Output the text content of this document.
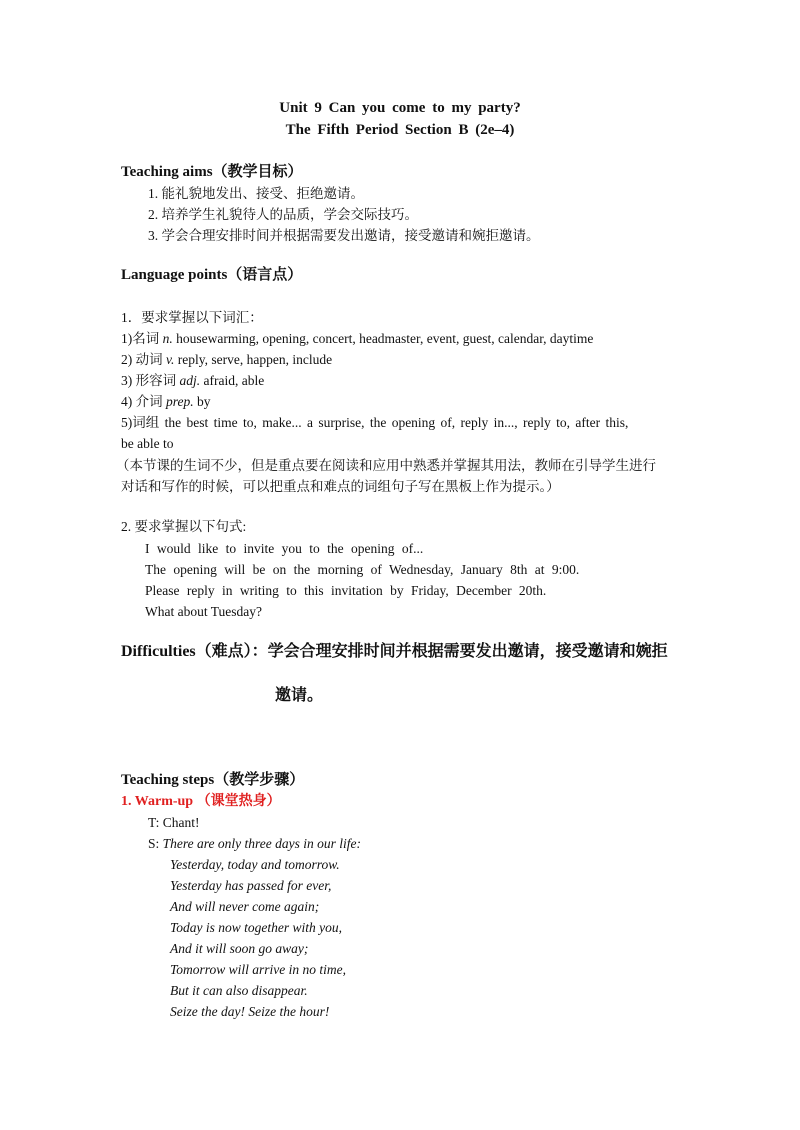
Unit 9 Can you come to my party?
The Fifth Period Section B (2e–4)
Teaching aims（教学目标）
1. 能礼貌地发出、接受、拒绝邀请。
2. 培养学生礼貌待人的品质，学会交际技巧。
3. 学会合理安排时间并根据需要发出邀请，接受邀请和婉拒邀请。
Language points（语言点）
1．要求掌握以下词汇：
1)名词 n. housewarming, opening, concert, headmaster, event, guest, calendar, daytime
2) 动词 v. reply, serve, happen, include
3) 形容词 adj. afraid, able
4) 介词 prep. by
5)词组 the best time to, make... a surprise, the opening of, reply in..., reply to, after this,
be able to
（本节课的生词不少，但是重点要在阅读和应用中熟悉并掌握其用法，教师在引导学生进行
对话和写作的时候，可以把重点和难点的词组句子写在黑板上作为提示。）
2. 要求掌握以下句式:
I would like to invite you to the opening of...
The opening will be on the morning of Wednesday, January 8th at 9:00.
Please reply in writing to this invitation by Friday, December 20th.
What about Tuesday?
Difficulties（难点）：学会合理安排时间并根据需要发出邀请，接受邀请和婉拒
邀请。
Teaching steps（教学步骤）
1. Warm-up （课堂热身）
T: Chant!
S: There are only three days in our life:
Yesterday, today and tomorrow.
Yesterday has passed for ever,
And will never come again;
Today is now together with you,
And it will soon go away;
Tomorrow will arrive in no time,
But it can also disappear.
Seize the day! Seize the hour!
